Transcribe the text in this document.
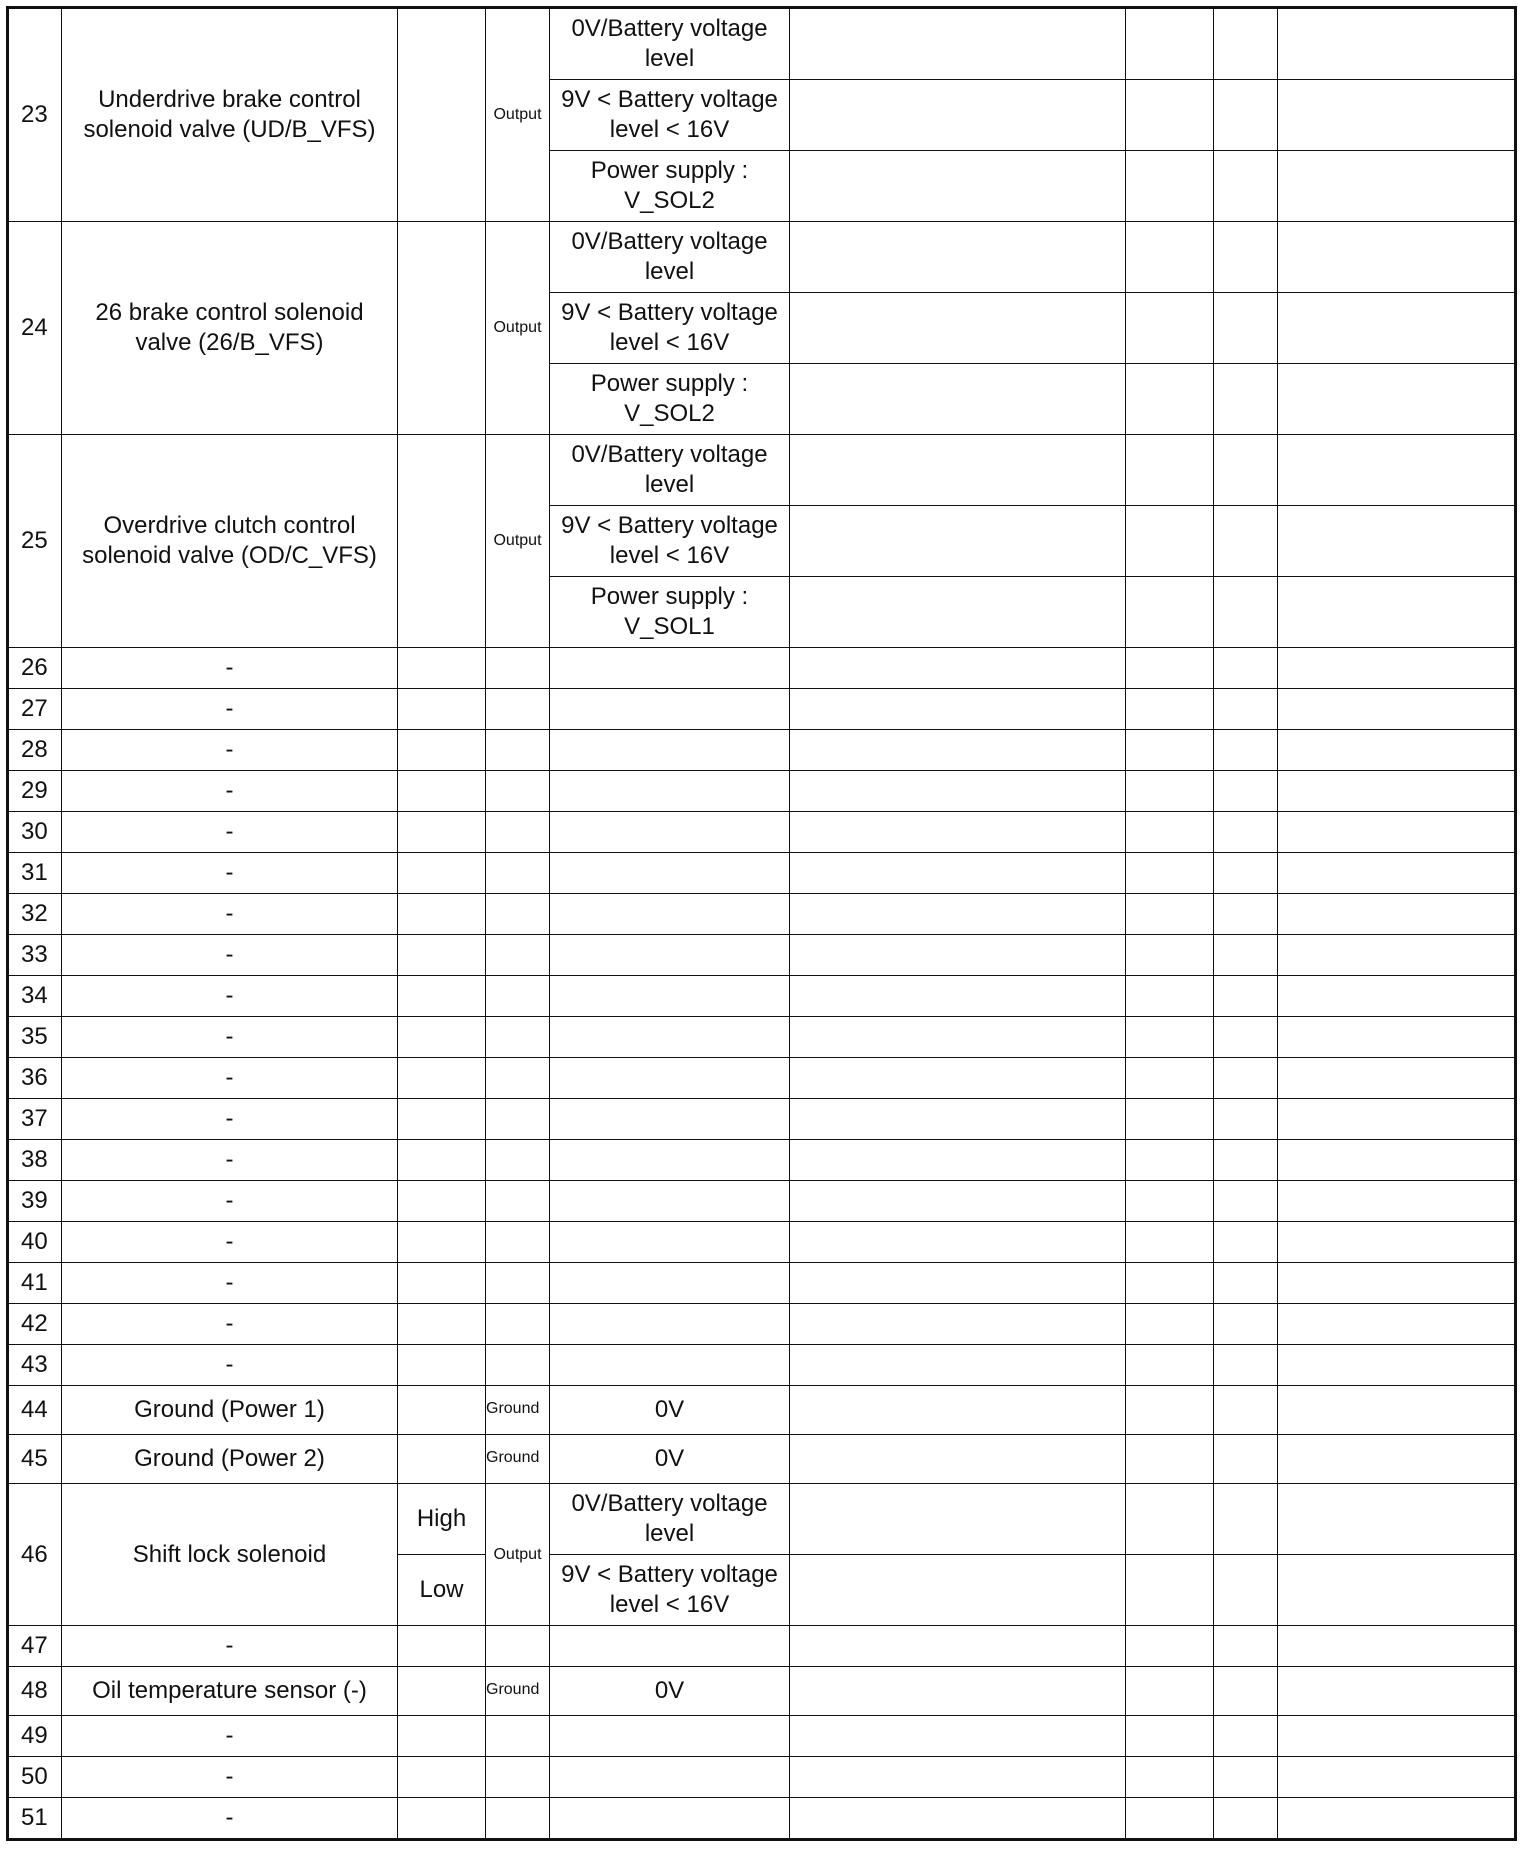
23	Underdrive brake control solenoid valve (UD/B_VFS)		Output	0V/Battery voltage level				
				9V < Battery voltage level < 16V				
				Power supply : V_SOL2				
24	26 brake control solenoid valve (26/B_VFS)		Output	0V/Battery voltage level				
				9V < Battery voltage level < 16V				
				Power supply : V_SOL2				
25	Overdrive clutch control solenoid valve (OD/C_VFS)		Output	0V/Battery voltage level				
				9V < Battery voltage level < 16V				
				Power supply : V_SOL1				
26	-							
27	-							
28	-							
29	-							
30	-							
31	-							
32	-							
33	-							
34	-							
35	-							
36	-							
37	-							
38	-							
39	-							
40	-							
41	-							
42	-							
43	-							
44	Ground (Power 1)		Ground	0V				
45	Ground (Power 2)		Ground	0V				
46	Shift lock solenoid	High	Output	0V/Battery voltage level				
		Low		9V < Battery voltage level < 16V				
47	-							
48	Oil temperature sensor (-)		Ground	0V				
49	-							
50	-							
51	-							
